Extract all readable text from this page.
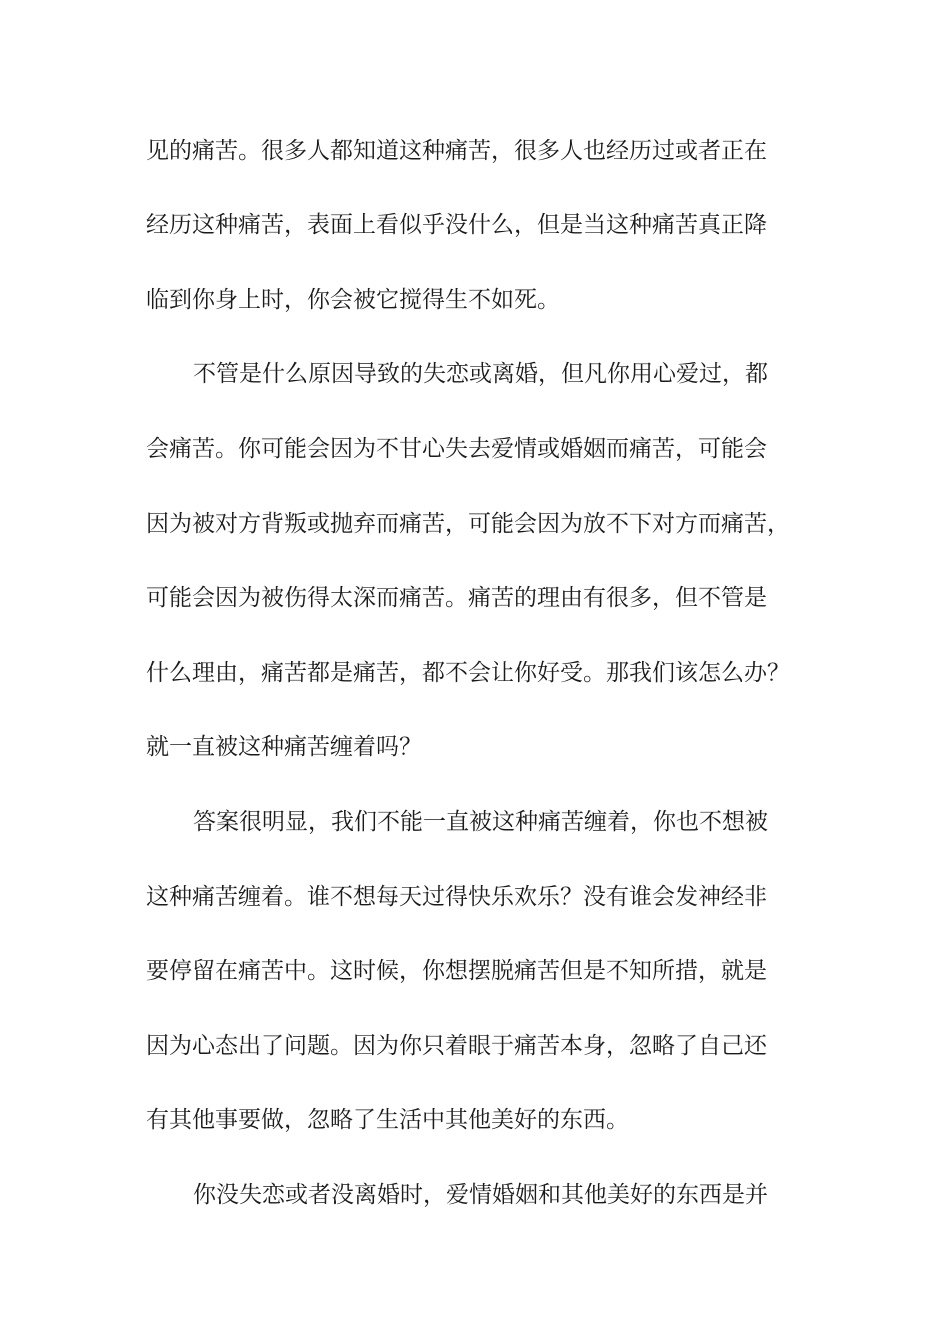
见的痛苦。很多人都知道这种痛苦，很多人也经历过或者正在
经历这种痛苦，表面上看似乎没什么，但是当这种痛苦真正降
临到你身上时，你会被它搅得生不如死。
不管是什么原因导致的失恋或离婚，但凡你用心爱过，都
会痛苦。你可能会因为不甘心失去爱情或婚姻而痛苦，可能会
因为被对方背叛或抛弃而痛苦，可能会因为放不下对方而痛苦，
可能会因为被伤得太深而痛苦。痛苦的理由有很多，但不管是
什么理由，痛苦都是痛苦，都不会让你好受。那我们该怎么办？
就一直被这种痛苦缠着吗？
答案很明显，我们不能一直被这种痛苦缠着，你也不想被
这种痛苦缠着。谁不想每天过得快乐欢乐？没有谁会发神经非
要停留在痛苦中。这时候，你想摆脱痛苦但是不知所措，就是
因为心态出了问题。因为你只着眼于痛苦本身，忽略了自己还
有其他事要做，忽略了生活中其他美好的东西。
你没失恋或者没离婚时，爱情婚姻和其他美好的东西是并
